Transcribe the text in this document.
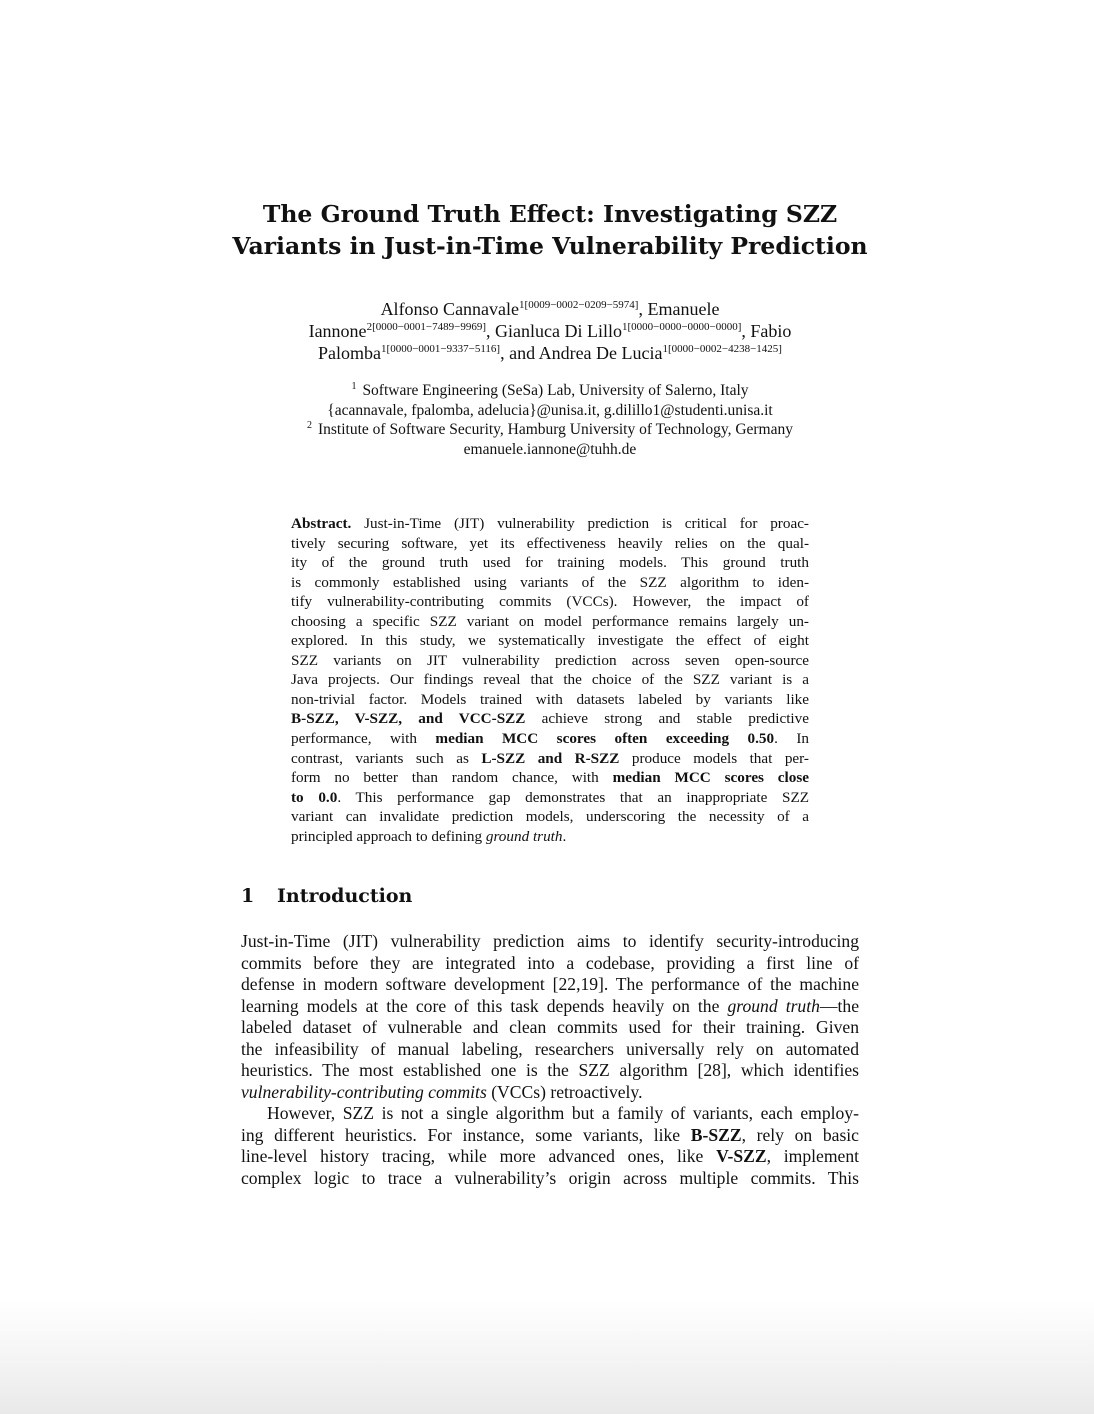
The Ground Truth Effect: Investigating SZZ
Variants in Just-in-Time Vulnerability Prediction
Alfonso Cannavale$^{1[0009-0002-0209-5974]}$, Emanuele
Iannone$^{2[0000-0001-7489-9969]}$, Gianluca Di Lillo$^{1[0000-0000-0000-0000]}$, Fabio
Palomba$^{1[0000-0001-9337-5116]}$, and Andrea De Lucia$^{1[0000-0002-4238-1425]}$
$^1$ Software Engineering (SeSa) Lab, University of Salerno, Italy
{acannavale, fpalomba, adelucia}@unisa.it, g.dilillo1@studenti.unisa.it
$^2$ Institute of Software Security, Hamburg University of Technology, Germany
emanuele.iannone@tuhh.de
Abstract. Just-in-Time (JIT) vulnerability prediction is critical for proac-
tively securing software, yet its effectiveness heavily relies on the qual-
ity of the ground truth used for training models. This ground truth
is commonly established using variants of the SZZ algorithm to iden-
tify vulnerability-contributing commits (VCCs). However, the impact of
choosing a specific SZZ variant on model performance remains largely un-
explored. In this study, we systematically investigate the effect of eight
SZZ variants on JIT vulnerability prediction across seven open-source
Java projects. Our findings reveal that the choice of the SZZ variant is a
non-trivial factor. Models trained with datasets labeled by variants like
B-SZZ, V-SZZ, and VCC-SZZ achieve strong and stable predictive
performance, with median MCC scores often exceeding 0.50. In
contrast, variants such as L-SZZ and R-SZZ produce models that per-
form no better than random chance, with median MCC scores close
to 0.0. This performance gap demonstrates that an inappropriate SZZ
variant can invalidate prediction models, underscoring the necessity of a
principled approach to defining ground truth.
1 Introduction
Just-in-Time (JIT) vulnerability prediction aims to identify security-introducing
commits before they are integrated into a codebase, providing a first line of
defense in modern software development [22,19]. The performance of the machine
learning models at the core of this task depends heavily on the ground truth—the
labeled dataset of vulnerable and clean commits used for their training. Given
the infeasibility of manual labeling, researchers universally rely on automated
heuristics. The most established one is the SZZ algorithm [28], which identifies
vulnerability-contributing commits (VCCs) retroactively.
However, SZZ is not a single algorithm but a family of variants, each employ-
ing different heuristics. For instance, some variants, like B-SZZ, rely on basic
line-level history tracing, while more advanced ones, like V-SZZ, implement
complex logic to trace a vulnerability’s origin across multiple commits. This
